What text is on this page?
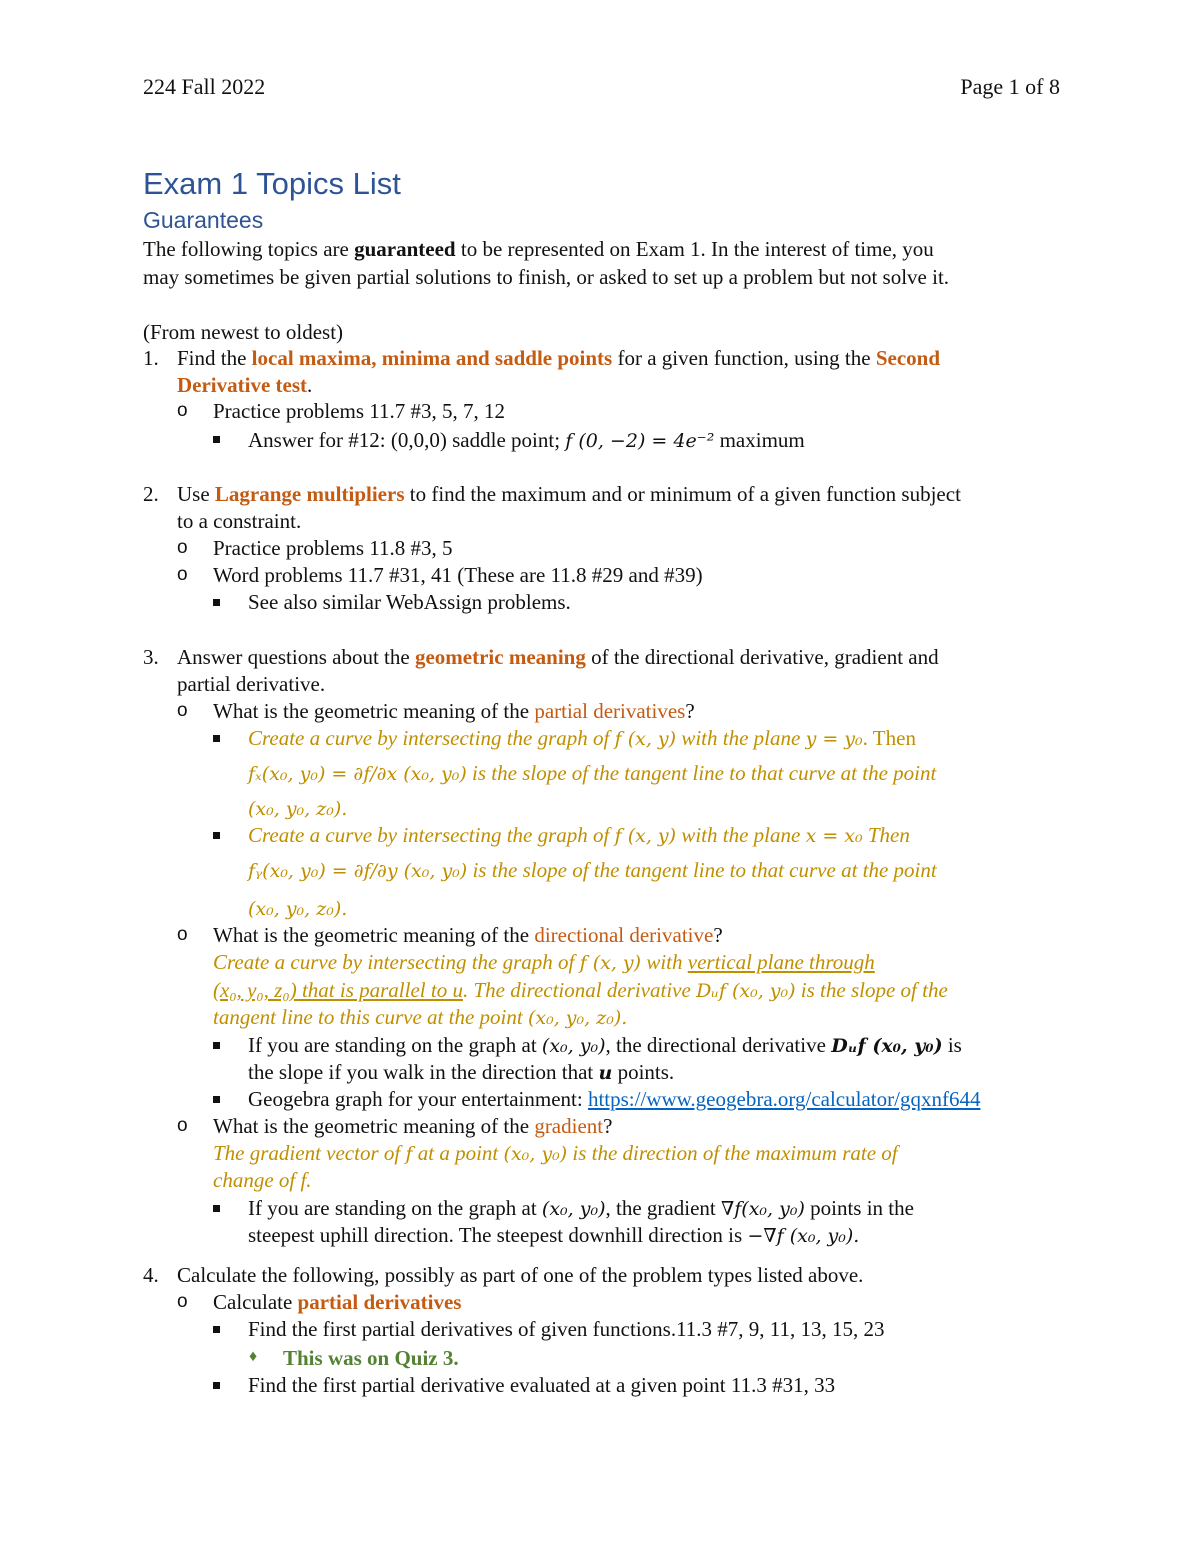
224 Fall 2022	Page 1 of 8
Exam 1 Topics List
Guarantees
The following topics are guaranteed to be represented on Exam 1. In the interest of time, you
may sometimes be given partial solutions to finish, or asked to set up a problem but not solve it.
(From newest to oldest)
1. Find the local maxima, minima and saddle points for a given function, using the Second
Derivative test.
o Practice problems 11.7 #3, 5, 7, 12
Answer for #12: (0,0,0) saddle point; f (0, −2) = 4e⁻² maximum
2. Use Lagrange multipliers to find the maximum and or minimum of a given function subject
to a constraint.
o Practice problems 11.8 #3, 5
o Word problems 11.7 #31, 41 (These are 11.8 #29 and #39)
See also similar WebAssign problems.
3. Answer questions about the geometric meaning of the directional derivative, gradient and
partial derivative.
o What is the geometric meaning of the partial derivatives?
Create a curve by intersecting the graph of f (x, y) with the plane y = y₀. Then
fₓ(x₀, y₀) = ∂f/∂x (x₀, y₀) is the slope of the tangent line to that curve at the point
(x₀, y₀, z₀).
Create a curve by intersecting the graph of f (x, y) with the plane x = x₀ Then
fᵧ(x₀, y₀) = ∂f/∂y (x₀, y₀) is the slope of the tangent line to that curve at the point
(x₀, y₀, z₀).
o What is the geometric meaning of the directional derivative?
Create a curve by intersecting the graph of f (x, y) with vertical plane through
(x₀, y₀, z₀) that is parallel to u. The directional derivative Dᵤf (x₀, y₀) is the slope of the
tangent line to this curve at the point (x₀, y₀, z₀).
If you are standing on the graph at (x₀, y₀), the directional derivative Dᵤf (x₀, y₀) is
the slope if you walk in the direction that u points.
Geogebra graph for your entertainment: https://www.geogebra.org/calculator/gqxnf644
o What is the geometric meaning of the gradient?
The gradient vector of f at a point (x₀, y₀) is the direction of the maximum rate of
change of f.
If you are standing on the graph at (x₀, y₀), the gradient ∇f(x₀, y₀) points in the
steepest uphill direction. The steepest downhill direction is −∇f (x₀, y₀).
4. Calculate the following, possibly as part of one of the problem types listed above.
o Calculate partial derivatives
Find the first partial derivatives of given functions.11.3 #7, 9, 11, 13, 15, 23
♦ This was on Quiz 3.
Find the first partial derivative evaluated at a given point 11.3 #31, 33
